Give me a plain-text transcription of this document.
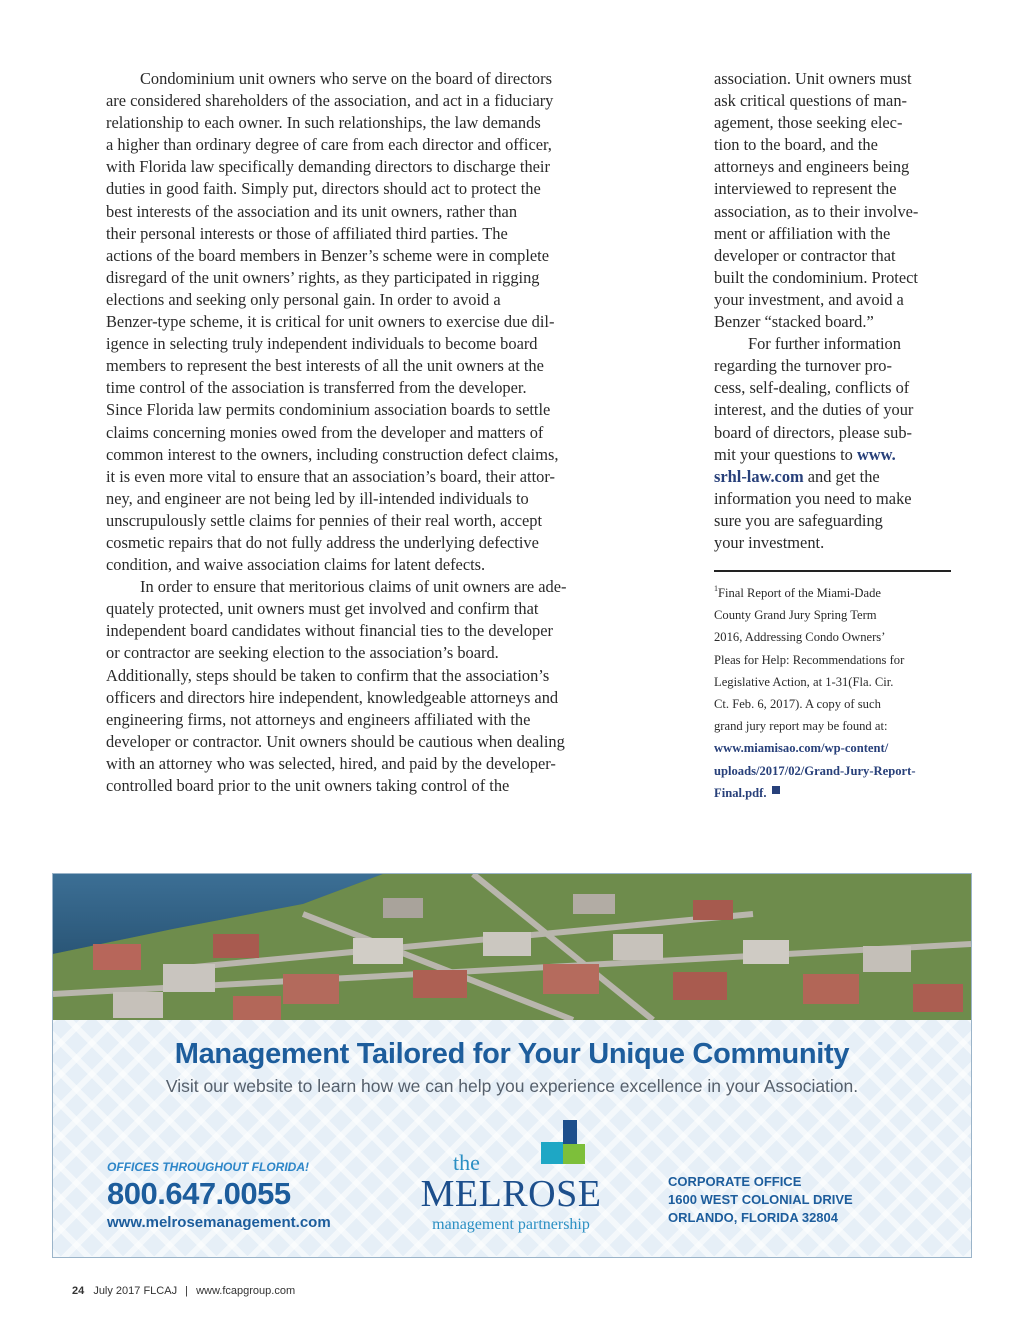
Condominium unit owners who serve on the board of directors
are considered shareholders of the association, and act in a fiduciary
relationship to each owner. In such relationships, the law demands
a higher than ordinary degree of care from each director and officer,
with Florida law specifically demanding directors to discharge their
duties in good faith. Simply put, directors should act to protect the
best interests of the association and its unit owners, rather than
their personal interests or those of affiliated third parties. The
actions of the board members in Benzer’s scheme were in complete
disregard of the unit owners’ rights, as they participated in rigging
elections and seeking only personal gain. In order to avoid a
Benzer-type scheme, it is critical for unit owners to exercise due dil-
igence in selecting truly independent individuals to become board
members to represent the best interests of all the unit owners at the
time control of the association is transferred from the developer.
Since Florida law permits condominium association boards to settle
claims concerning monies owed from the developer and matters of
common interest to the owners, including construction defect claims,
it is even more vital to ensure that an association’s board, their attor-
ney, and engineer are not being led by ill-intended individuals to
unscrupulously settle claims for pennies of their real worth, accept
cosmetic repairs that do not fully address the underlying defective
condition, and waive association claims for latent defects.

In order to ensure that meritorious claims of unit owners are ade-
quately protected, unit owners must get involved and confirm that
independent board candidates without financial ties to the developer
or contractor are seeking election to the association’s board.
Additionally, steps should be taken to confirm that the association’s
officers and directors hire independent, knowledgeable attorneys and
engineering firms, not attorneys and engineers affiliated with the
developer or contractor. Unit owners should be cautious when dealing
with an attorney who was selected, hired, and paid by the developer-
controlled board prior to the unit owners taking control of the

association. Unit owners must
ask critical questions of man-
agement, those seeking elec-
tion to the board, and the
attorneys and engineers being
interviewed to represent the
association, as to their involve-
ment or affiliation with the
developer or contractor that
built the condominium. Protect
your investment, and avoid a
Benzer “stacked board.”

For further information
regarding the turnover pro-
cess, self-dealing, conflicts of
interest, and the duties of your
board of directors, please sub-

mit your questions to www.
srhl-law.com and get the

information you need to make
sure you are safeguarding
your investment.

$^1$Final Report of the Miami-Dade
County Grand Jury Spring Term
2016, Addressing Condo Owners’
Pleas for Help: Recommendations for
Legislative Action, at 1-31(Fla. Cir.
Ct. Feb. 6, 2017). A copy of such
grand jury report may be found at:
www.miamisao.com/wp-content/
uploads/2017/02/Grand-Jury-Report-
Final.pdf.
Management Tailored for Your Unique Community
Visit our website to learn how we can help you experience excellence in your Association.
OFFICES THROUGHOUT FLORIDA!
800.647.0055
www.melrosemanagement.com
the
MELROSE
management partnership
CORPORATE OFFICE
1600 WEST COLONIAL DRIVE
ORLANDO, FLORIDA 32804
24 July 2017 FLCAJ | www.fcapgroup.com
